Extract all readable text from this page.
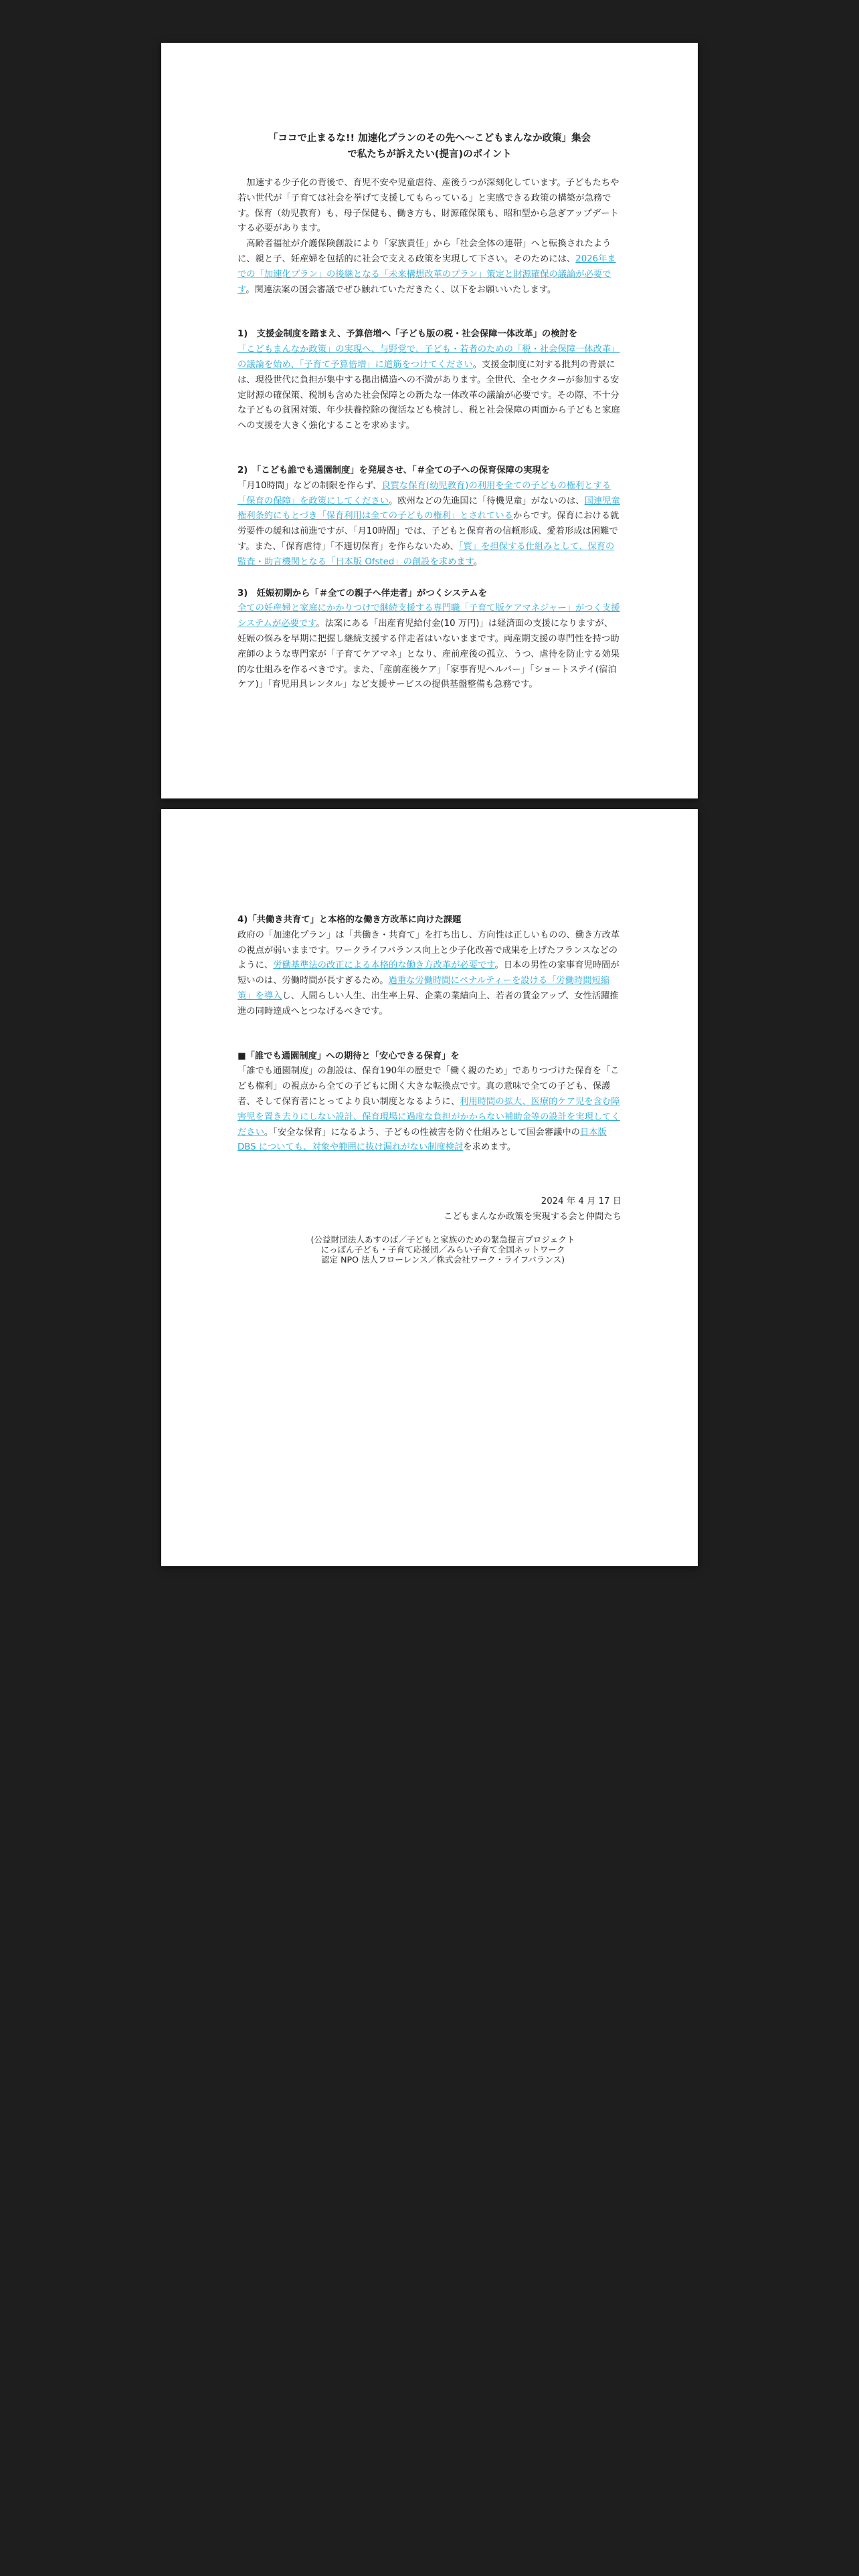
「ココで止まるな!! 加速化プランのその先へ～こどもまんなか政策」集会
で私たちが訴えたい(提言)のポイント

加速する少子化の背後で、育児不安や児童虐待、産後うつが深刻化しています。子どもたちや若い世代が「子育ては社会を挙げて支援してもらっている」と実感できる政策の構築が急務です。保育（幼児教育）も、母子保健も、働き方も、財源確保策も、昭和型から急ぎアップデートする必要があります。

高齢者福祉が介護保険創設により「家族責任」から「社会全体の連帯」へと転換されたように、親と子、妊産婦を包括的に社会で支える政策を実現して下さい。そのためには、2026年までの「加速化プラン」の後継となる「未来構想改革のプラン」策定と財源確保の議論が必要です。関連法案の国会審議でぜひ触れていただきたく、以下をお願いいたします。

1)　支援金制度を踏まえ、予算倍増へ「子ども版の税・社会保障一体改革」の検討を

「こどもまんなか政策」の実現へ、与野党で、子ども・若者のための「税・社会保障一体改革」の議論を始め、「子育て予算倍増」に道筋をつけてください。支援金制度に対する批判の背景には、現役世代に負担が集中する拠出構造への不満があります。全世代、全セクターが参加する安定財源の確保策、税制も含めた社会保障との新たな一体改革の議論が必要です。その際、不十分な子どもの貧困対策、年少扶養控除の復活なども検討し、税と社会保障の両面から子どもと家庭への支援を大きく強化することを求めます。

2)　「こども誰でも通園制度」を発展させ、「＃全ての子への保育保障の実現を

「月10時間」などの制限を作らず、良質な保育(幼児教育)の利用を全ての子どもの権利とする「保育の保障」を政策にしてください。欧州などの先進国に「待機児童」がないのは、国連児童権利条約にもとづき「保育利用は全ての子どもの権利」とされているからです。保育における就労要件の緩和は前進ですが、「月10時間」では、子どもと保育者の信頼形成、愛着形成は困難です。また、「保育虐待」「不適切保育」を作らないため、「質」を担保する仕組みとして、保育の監査・助言機関となる「日本版 Ofsted」の創設を求めます。

3)　妊娠初期から「＃全ての親子へ伴走者」がつくシステムを

全ての妊産婦と家庭にかかりつけで継続支援する専門職「子育て版ケアマネジャー」がつく支援システムが必要です。法案にある「出産育児給付金(10 万円)」は経済面の支援になりますが、妊娠の悩みを早期に把握し継続支援する伴走者はいないままです。両産期支援の専門性を持つ助産師のような専門家が「子育てケアマネ」となり、産前産後の孤立、うつ、虐待を防止する効果的な仕組みを作るべきです。また、「産前産後ケア」「家事育児ヘルパー」「ショートステイ(宿泊ケア)」「育児用具レンタル」など支援サービスの提供基盤整備も急務です。

4)「共働き共育て」と本格的な働き方改革に向けた課題

政府の「加速化プラン」は「共働き・共育て」を打ち出し、方向性は正しいものの、働き方改革の視点が弱いままです。ワークライフバランス向上と少子化改善で成果を上げたフランスなどのように、労働基準法の改正による本格的な働き方改革が必要です。日本の男性の家事育児時間が短いのは、労働時間が長すぎるため。過重な労働時間にペナルティーを設ける「労働時間短縮策」を導入し、人間らしい人生、出生率上昇、企業の業績向上、若者の賃金アップ、女性活躍推進の同時達成へとつなげるべきです。

■「誰でも通園制度」への期待と「安心できる保育」を

「誰でも通園制度」の創設は、保育190年の歴史で「働く親のため」でありつづけた保育を「こども権利」の視点から全ての子どもに開く大きな転換点です。真の意味で全ての子ども、保護者、そして保育者にとってより良い制度となるように、利用時間の拡大、医療的ケア児を含む障害児を置き去りにしない設計、保育現場に過度な負担がかからない補助金等の設計を実現してください。「安全な保育」になるよう、子どもの性被害を防ぐ仕組みとして国会審議中の日本版 DBS についても、対象や範囲に抜け漏れがない制度検討を求めます。

2024 年 4 月 17 日

こどもまんなか政策を実現する会と仲間たち

(公益財団法人あすのば／子どもと家族のための緊急提言プロジェクト

にっぽん子ども・子育て応援団／みらい子育て全国ネットワーク

認定 NPO 法人フローレンス／株式会社ワーク・ライフバランス)
